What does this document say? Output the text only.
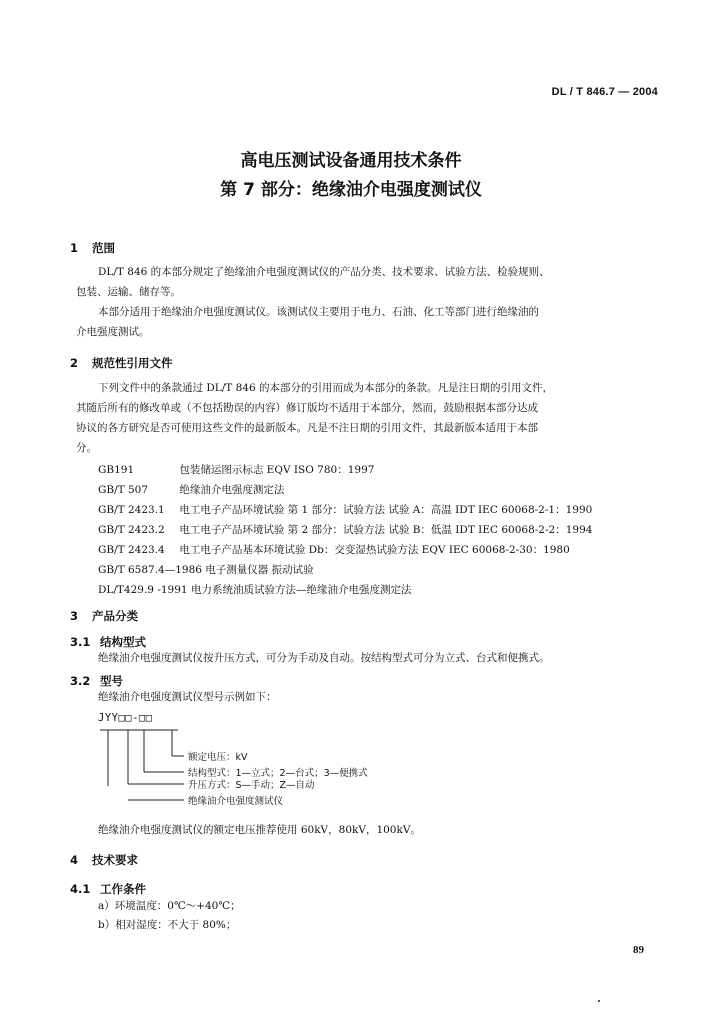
DL / T 846.7 — 2004
高电压测试设备通用技术条件
第 7 部分：绝缘油介电强度测试仪
1 范围
DL/T 846 的本部分规定了绝缘油介电强度测试仪的产品分类、技术要求、试验方法、检验规则、
包装、运输、储存等。
本部分适用于绝缘油介电强度测试仪。该测试仪主要用于电力、石油、化工等部门进行绝缘油的
介电强度测试。
2 规范性引用文件
下列文件中的条款通过 DL/T 846 的本部分的引用而成为本部分的条款。凡是注日期的引用文件，
其随后所有的修改单或（不包括勘误的内容）修订版均不适用于本部分，然而，鼓励根据本部分达成
协议的各方研究是否可使用这些文件的最新版本。凡是不注日期的引用文件，其最新版本适用于本部
分。
GB191	包装储运图示标志 EQV ISO 780：1997
GB/T 507	绝缘油介电强度测定法
GB/T 2423.1 电工电子产品环境试验 第 1 部分：试验方法 试验 A：高温 IDT IEC 60068-2-1：1990
GB/T 2423.2 电工电子产品环境试验 第 2 部分：试验方法 试验 B：低温 IDT IEC 60068-2-2：1994
GB/T 2423.4 电工电子产品基本环境试验 Db：交变湿热试验方法 EQV IEC 60068-2-30：1980
GB/T 6587.4—1986 电子测量仪器 振动试验
DL/T429.9 -1991 电力系统油质试验方法—绝缘油介电强度测定法
3 产品分类
3.1 结构型式
绝缘油介电强度测试仪按升压方式，可分为手动及自动。按结构型式可分为立式、台式和便携式。
3.2 型号
绝缘油介电强度测试仪型号示例如下：
JYY□□-□□
额定电压：kV
结构型式：1—立式；2—台式；3—便携式
升压方式：S—手动；Z—自动
绝缘油介电强度测试仪
绝缘油介电强度测试仪的额定电压推荐使用 60kV，80kV，100kV。
4 技术要求
4.1 工作条件
a）环境温度：0℃～+40℃；
b）相对湿度：不大于 80%；
89
